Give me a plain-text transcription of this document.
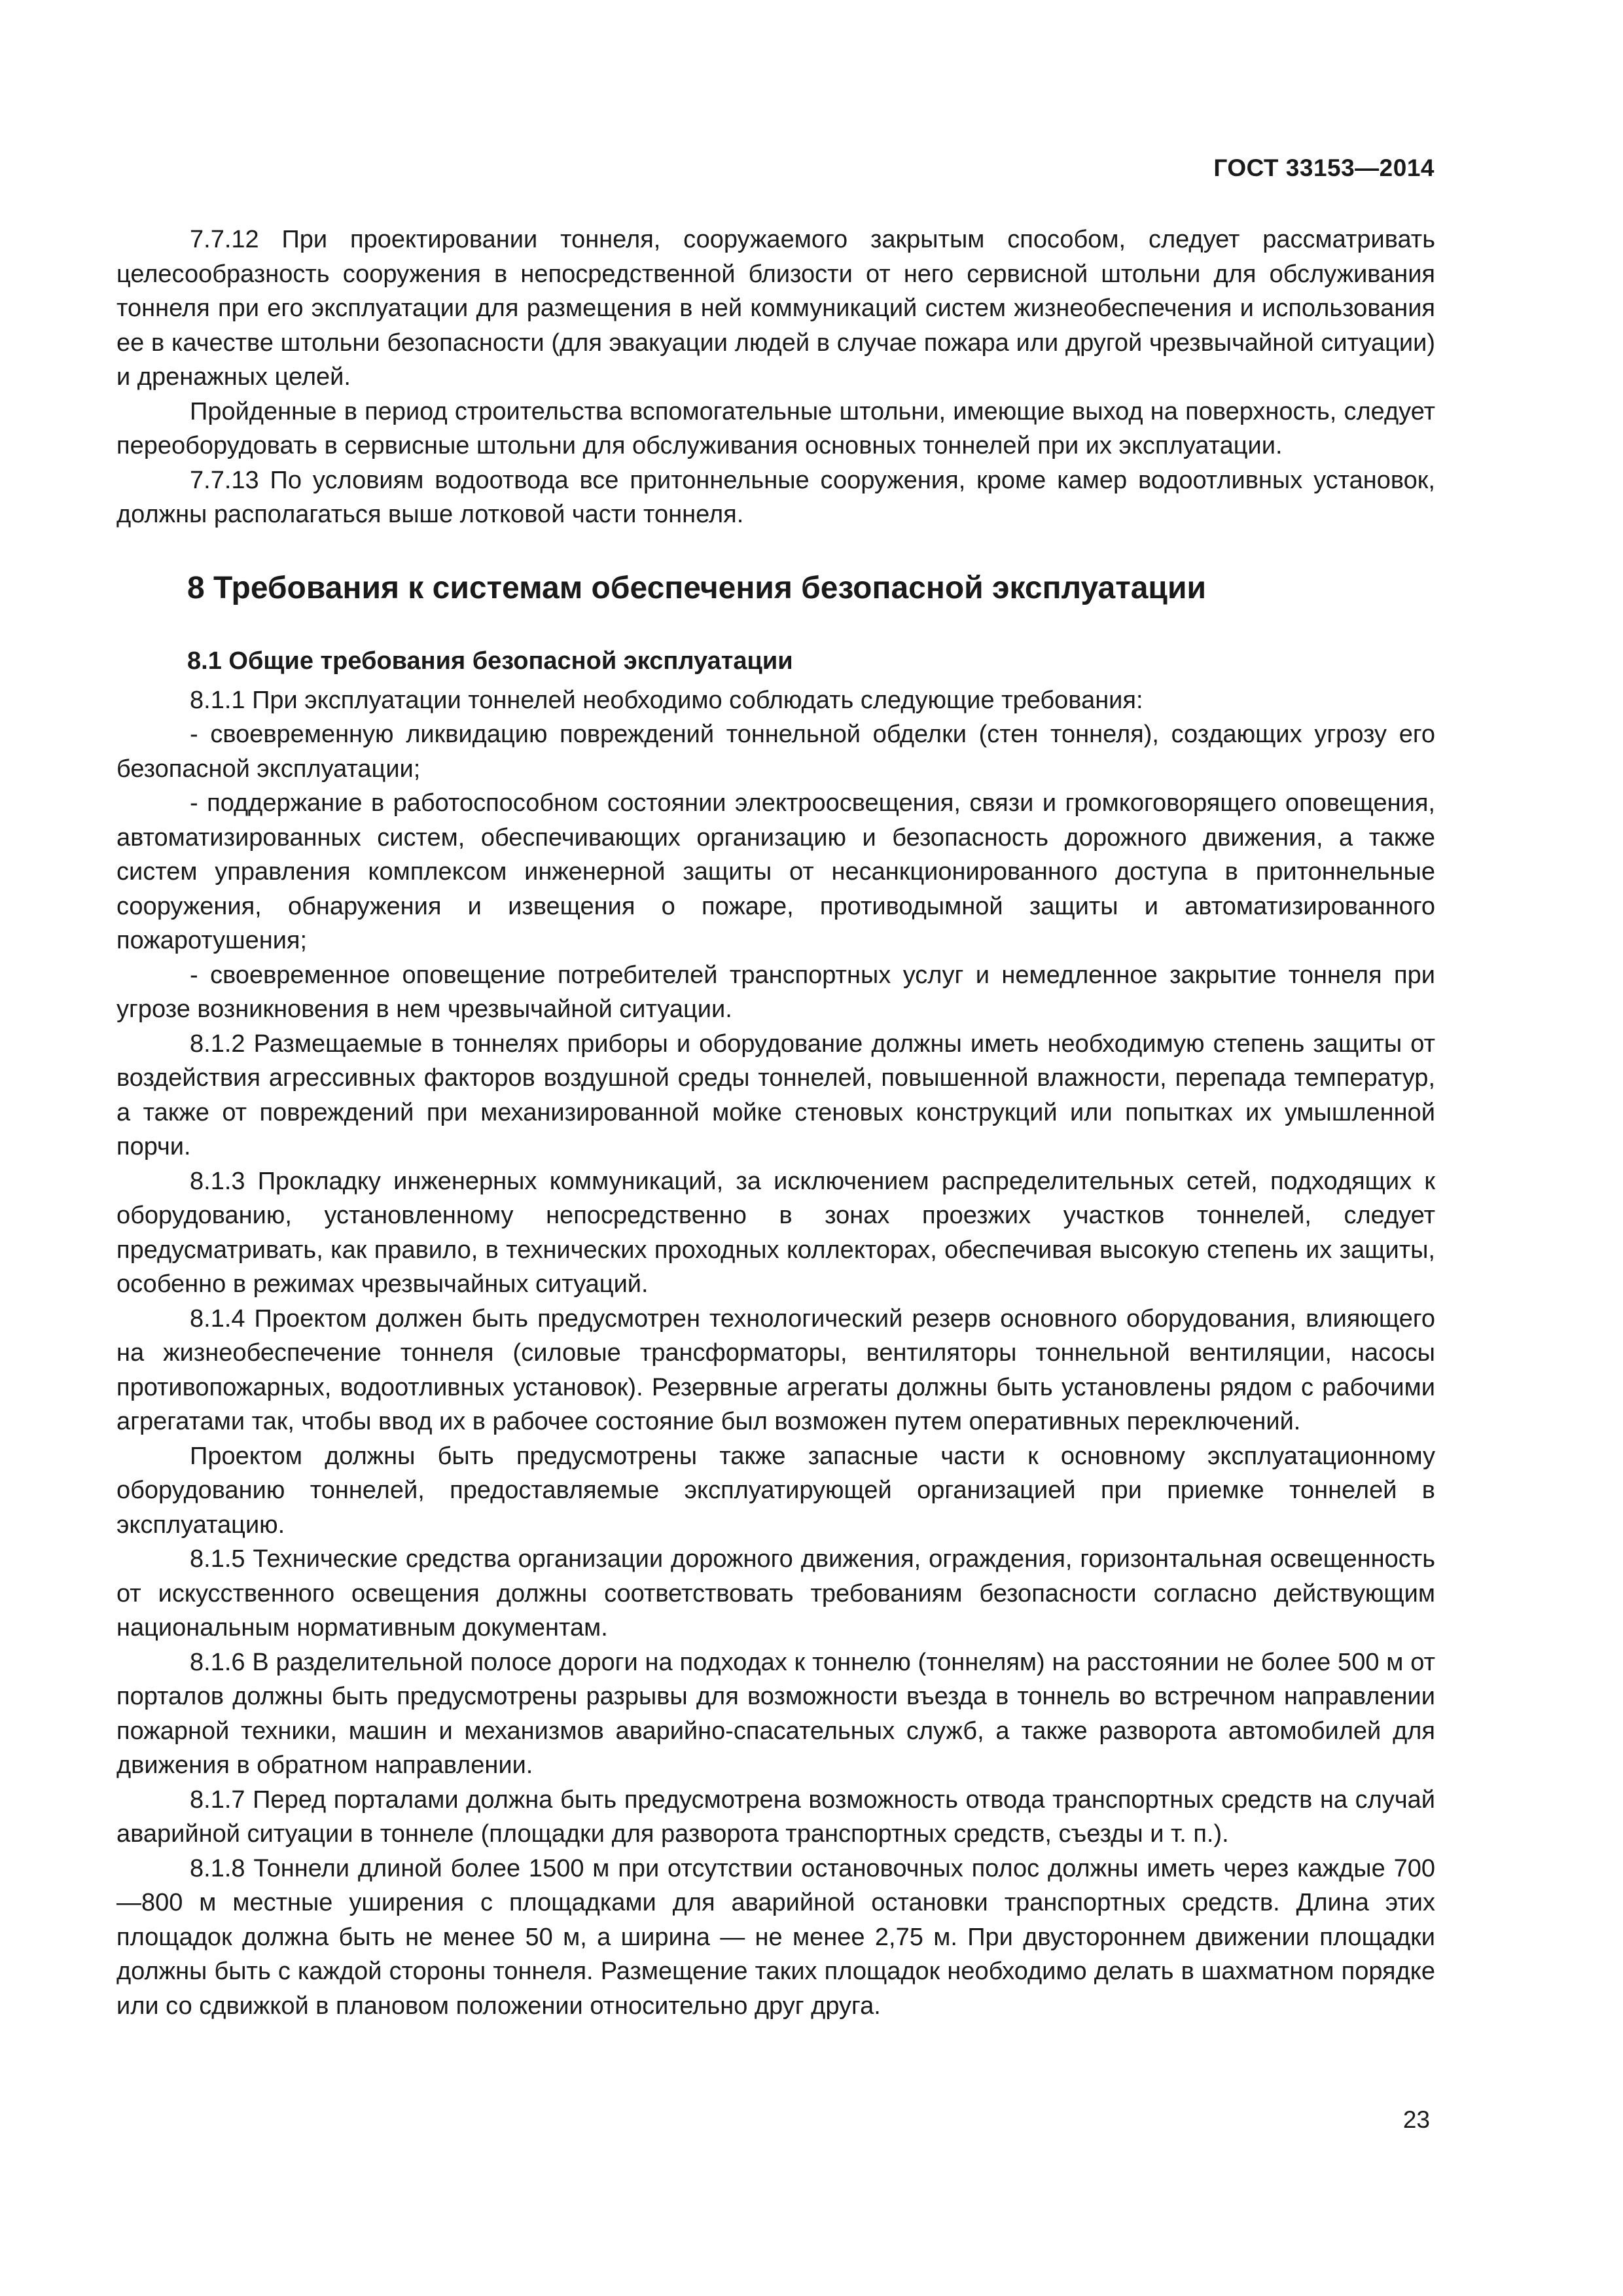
ГОСТ 33153—2014

7.7.12 При проектировании тоннеля, сооружаемого закрытым способом, следует рассматривать целесообразность сооружения в непосредственной близости от него сервисной штольни для обслуживания тоннеля при его эксплуатации для размещения в ней коммуникаций систем жизнеобеспечения и использования ее в качестве штольни безопасности (для эвакуации людей в случае пожара или другой чрезвычайной ситуации) и дренажных целей.

Пройденные в период строительства вспомогательные штольни, имеющие выход на поверхность, следует переоборудовать в сервисные штольни для обслуживания основных тоннелей при их эксплуатации.

7.7.13 По условиям водоотвода все притоннельные сооружения, кроме камер водоотливных установок, должны располагаться выше лотковой части тоннеля.

8 Требования к системам обеспечения безопасной эксплуатации
8.1 Общие требования безопасной эксплуатации

8.1.1 При эксплуатации тоннелей необходимо соблюдать следующие требования:

- своевременную ликвидацию повреждений тоннельной обделки (стен тоннеля), создающих угрозу его безопасной эксплуатации;

- поддержание в работоспособном состоянии электроосвещения, связи и громкоговорящего оповещения, автоматизированных систем, обеспечивающих организацию и безопасность дорожного движения, а также систем управления комплексом инженерной защиты от несанкционированного доступа в притоннельные сооружения, обнаружения и извещения о пожаре, противодымной защиты и автоматизированного пожаротушения;

- своевременное оповещение потребителей транспортных услуг и немедленное закрытие тоннеля при угрозе возникновения в нем чрезвычайной ситуации.

8.1.2 Размещаемые в тоннелях приборы и оборудование должны иметь необходимую степень защиты от воздействия агрессивных факторов воздушной среды тоннелей, повышенной влажности, перепада температур, а также от повреждений при механизированной мойке стеновых конструкций или попытках их умышленной порчи.

8.1.3 Прокладку инженерных коммуникаций, за исключением распределительных сетей, подходящих к оборудованию, установленному непосредственно в зонах проезжих участков тоннелей, следует предусматривать, как правило, в технических проходных коллекторах, обеспечивая высокую степень их защиты, особенно в режимах чрезвычайных ситуаций.

8.1.4 Проектом должен быть предусмотрен технологический резерв основного оборудования, влияющего на жизнеобеспечение тоннеля (силовые трансформаторы, вентиляторы тоннельной вентиляции, насосы противопожарных, водоотливных установок). Резервные агрегаты должны быть установлены рядом с рабочими агрегатами так, чтобы ввод их в рабочее состояние был возможен путем оперативных переключений.

Проектом должны быть предусмотрены также запасные части к основному эксплуатационному оборудованию тоннелей, предоставляемые эксплуатирующей организацией при приемке тоннелей в эксплуатацию.

8.1.5 Технические средства организации дорожного движения, ограждения, горизонтальная освещенность от искусственного освещения должны соответствовать требованиям безопасности согласно действующим национальным нормативным документам.

8.1.6 В разделительной полосе дороги на подходах к тоннелю (тоннелям) на расстоянии не более 500 м от порталов должны быть предусмотрены разрывы для возможности въезда в тоннель во встречном направлении пожарной техники, машин и механизмов аварийно-спасательных служб, а также разворота автомобилей для движения в обратном направлении.

8.1.7 Перед порталами должна быть предусмотрена возможность отвода транспортных средств на случай аварийной ситуации в тоннеле (площадки для разворота транспортных средств, съезды и т. п.).

8.1.8 Тоннели длиной более 1500 м при отсутствии остановочных полос должны иметь через каждые 700—800 м местные уширения с площадками для аварийной остановки транспортных средств. Длина этих площадок должна быть не менее 50 м, а ширина — не менее 2,75 м. При двустороннем движении площадки должны быть с каждой стороны тоннеля. Размещение таких площадок необходимо делать в шахматном порядке или со сдвижкой в плановом положении относительно друг друга.

23
